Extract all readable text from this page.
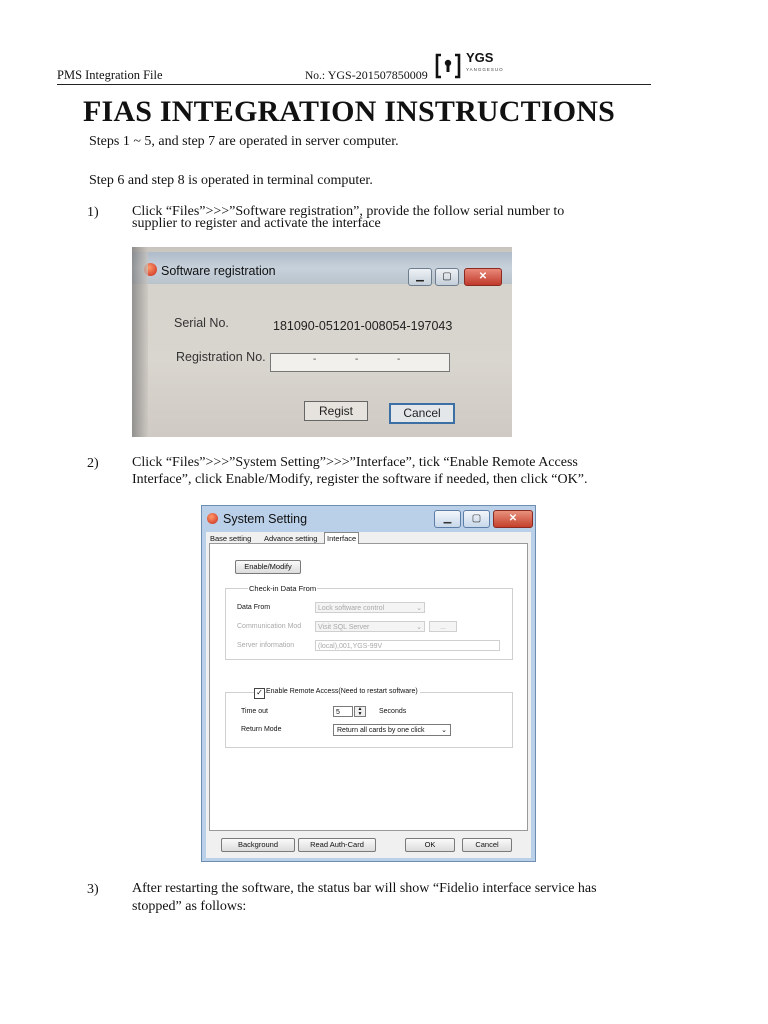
PMS Integration File	No.: YGS-201507850009
YGS
YANGGESUO
FIAS INTEGRATION INSTRUCTIONS
Steps 1 ~ 5, and step 7 are operated in server computer.
Step 6 and step 8 is operated in terminal computer.
1) Click “Files”>>>”Software registration”, provide the follow serial number to
supplier to register and activate the interface
Software registration	▁	▢	✕
Serial No.	181090-051201-008054-197043
Registration No.	-	-	-
Regist	Cancel
2) Click “Files”>>>”System Setting”>>>”Interface”, tick “Enable Remote Access
Interface”, click Enable/Modify, register the software if needed, then click “OK”.
System Setting	▁	▢	✕
Base setting Advance setting
Enable/Modify
Check-in Data From
Data From	Lock software control	⌄
Communication Mod	Visit SQL Server	⌄	...
Server information	(local),001,YGS-99V
✓ Enable Remote Access(Need to restart software)
Time out	5	▲
▼	Seconds
Return Mode	Return all cards by one click ⌄
Interface
Background	Read Auth-Card	OK	Cancel
3) After restarting the software, the status bar will show “Fidelio interface service has
stopped” as follows:
